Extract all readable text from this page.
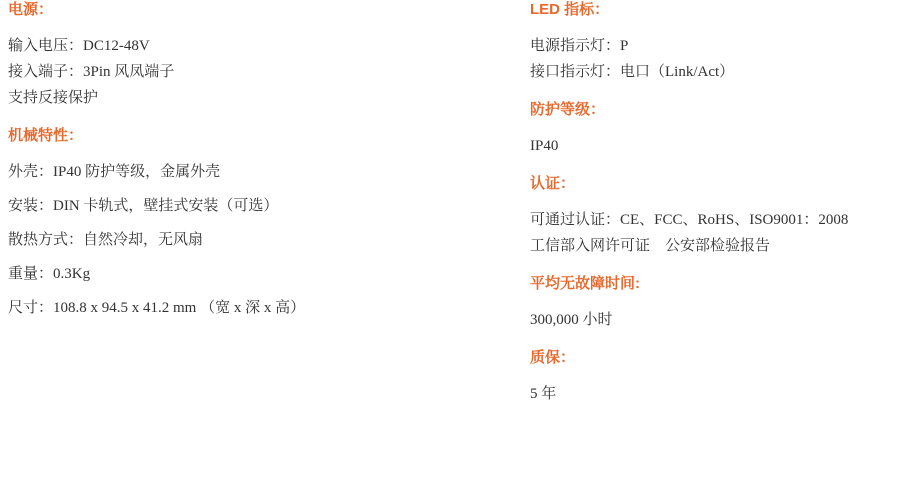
电源：
输入电压：DC12-48V
接入端子：3Pin 风凤端子
支持反接保护
机械特性：
外壳：IP40 防护等级，金属外壳
安装：DIN 卡轨式，壁挂式安装（可选）
散热方式：自然冷却，无风扇
重量：0.3Kg
尺寸：108.8 x 94.5 x 41.2 mm （宽 x 深 x 高）
LED 指标：
电源指示灯：P
接口指示灯：电口（Link/Act）
防护等级：
IP40
认证：
可通过认证：CE、FCC、RoHS、ISO9001：2008
工信部入网许可证　公安部检验报告
平均无故障时间:
300,000 小时
质保：
5 年
